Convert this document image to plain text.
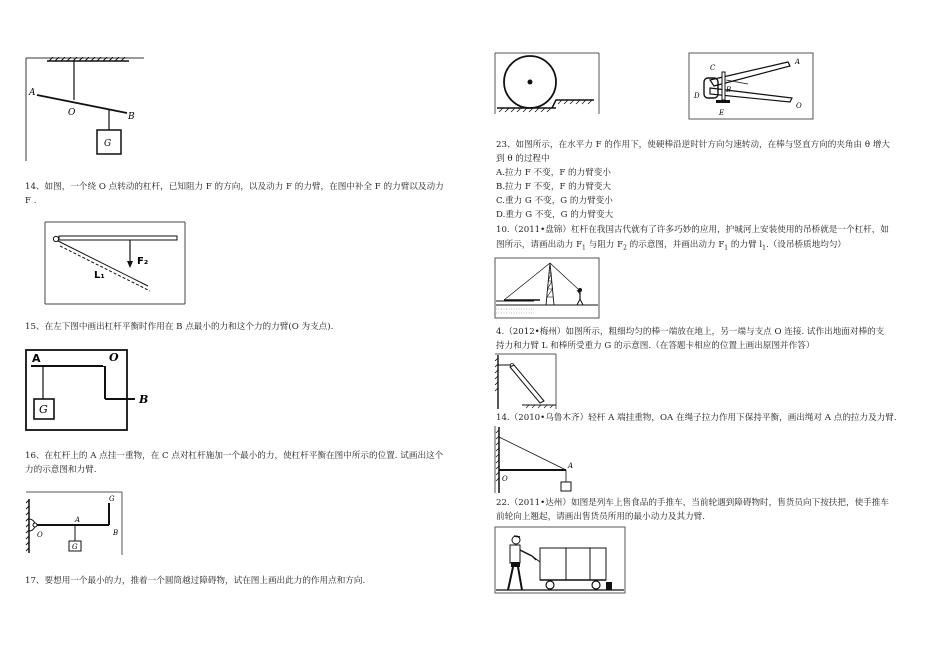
A
O	B
G
14、如图，一个绕 O 点转动的杠杆，已知阻力 F 的方向，以及动力 F 的力臂，在图中补全 F 的力臂以及动力
F .
F₂
L₁
15、在左下图中画出杠杆平衡时作用在 B 点最小的力和这个力的力臂(O 为支点).
A	O
B
G
16、在杠杆上的 A 点挂一重物，在 C 点对杠杆施加一个最小的力，使杠杆平衡在图中所示的位置. 试画出这个
力的示意图和力臂.
O
A
G
B
G
17、要想用一个最小的力，推着一个圆筒越过障碍物，试在图上画出此力的作用点和方向.
A
C
B
D
E
O
23、如图所示，在水平力 F 的作用下，使硬棒沿逆时针方向匀速转动，在棒与竖直方向的夹角由 θ 增大
到 θ 的过程中
A.拉力 F 不变，F 的力臂变小
B.拉力 F 不变，F 的力臂变大
C.重力 G 不变，G 的力臂变小
D.重力 G 不变，G 的力臂变大
10.（2011•盘锦）杠杆在我国古代就有了许多巧妙的应用，护城河上安装使用的吊桥就是一个杠杆，如
图所示，请画出动力 $F_1$ 与阻力 $F_2$ 的示意图，并画出动力 $F_1$ 的力臂 $l_1$.（设吊桥质地均匀）
4.（2012•梅州）如图所示，粗细均匀的棒一端放在地上，另一端与支点 O 连接. 试作出地面对棒的支
持力和力臂 L 和棒所受重力 G 的示意图.（在答题卡相应的位置上画出原图并作答）
14.（2010•乌鲁木齐）轻杆 A 端挂重物，OA 在绳子拉力作用下保持平衡，画出绳对 A 点的拉力及力臂.
A
O
22.（2011•达州）如图是列车上售食品的手推车，当前轮遇到障碍物时，售货员向下按扶把，使手推车
前轮向上翘起，请画出售货员所用的最小动力及其力臂.
